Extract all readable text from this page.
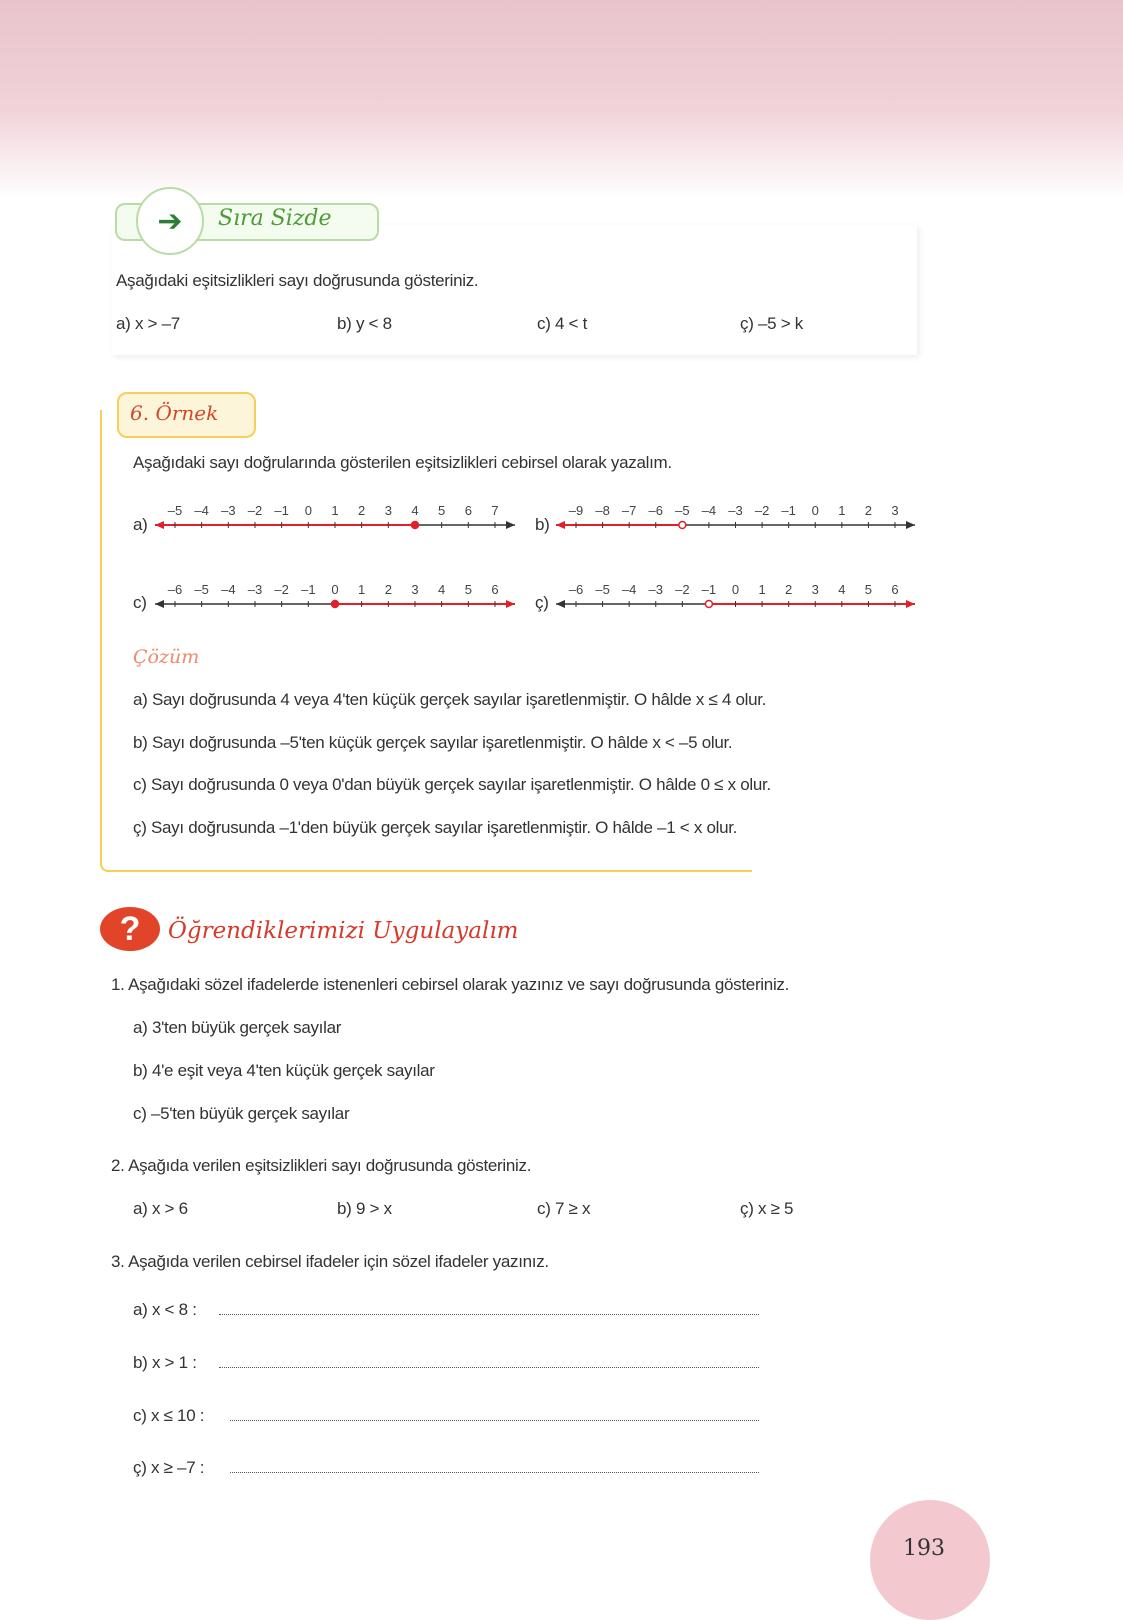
➔	Sıra Sizde
Aşağıdaki eşitsizlikleri sayı doğrusunda gösteriniz.
a) x > –7	b) y < 8	c) 4 < t	ç) –5 > k
6. Örnek
Aşağıdaki sayı doğrularında gösterilen eşitsizlikleri cebirsel olarak yazalım.
a)	b)
c)	ç)
–5 –4 –3 –2 –1 0 1 2 3 4 5 6 7	–9 –8 –7 –6 –5 –4 –3 –2 –1 0 1 2 3
–6 –5 –4 –3 –2 –1 0 1 2 3 4 5 6	–6 –5 –4 –3 –2 –1 0 1 2 3 4 5 6
Çözüm
a) Sayı doğrusunda 4 veya 4'ten küçük gerçek sayılar işaretlenmiştir. O hâlde x ≤ 4 olur.
b) Sayı doğrusunda –5'ten küçük gerçek sayılar işaretlenmiştir. O hâlde x < –5 olur.
c) Sayı doğrusunda 0 veya 0'dan büyük gerçek sayılar işaretlenmiştir. O hâlde 0 ≤ x olur.
ç) Sayı doğrusunda –1'den büyük gerçek sayılar işaretlenmiştir. O hâlde –1 < x olur.
?	Öğrendiklerimizi Uygulayalım
1. Aşağıdaki sözel ifadelerde istenenleri cebirsel olarak yazınız ve sayı doğrusunda gösteriniz.
a) 3'ten büyük gerçek sayılar
b) 4'e eşit veya 4'ten küçük gerçek sayılar
c) –5'ten büyük gerçek sayılar
2. Aşağıda verilen eşitsizlikleri sayı doğrusunda gösteriniz.
a) x > 6	b) 9 > x	c) 7 ≥ x	ç) x ≥ 5
3. Aşağıda verilen cebirsel ifadeler için sözel ifadeler yazınız.
a) x < 8 :
b) x > 1 :
c) x ≤ 10 :
ç) x ≥ –7 :
193
